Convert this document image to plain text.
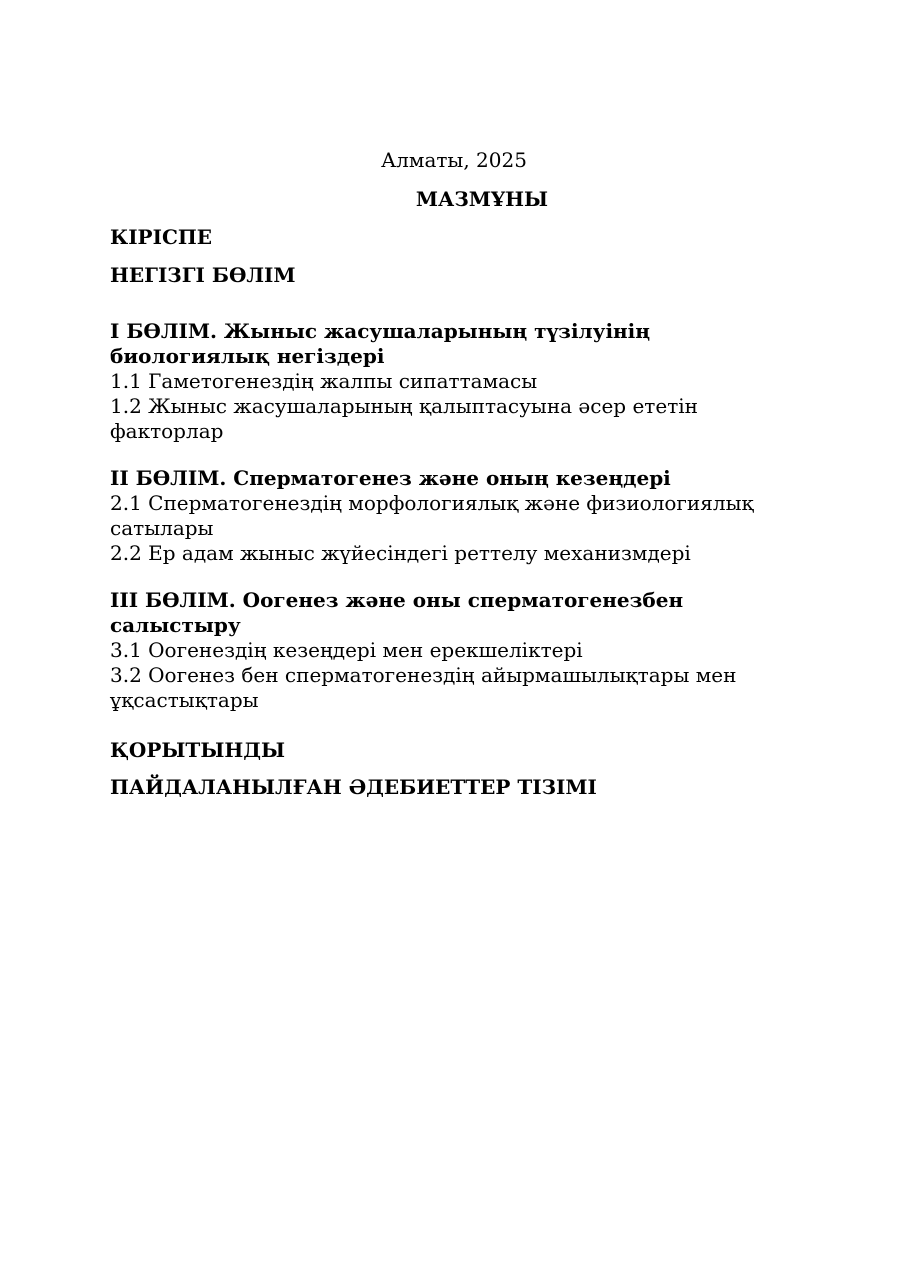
Алматы, 2025

МАЗМҰНЫ

КІРІСПЕ

НЕГІЗГІ БӨЛІМ

І БӨЛІМ. Жыныс жасушаларының түзілуінің биологиялық негіздері

1.1 Гаметогенездің жалпы сипаттамасы

1.2 Жыныс жасушаларының қалыптасуына әсер ететін факторлар

ІІ БӨЛІМ. Сперматогенез және оның кезеңдері

2.1 Сперматогенездің морфологиялық және физиологиялық сатылары

2.2 Ер адам жыныс жүйесіндегі реттелу механизмдері

ІІІ БӨЛІМ. Оогенез және оны сперматогенезбен салыстыру

3.1 Оогенездің кезеңдері мен ерекшеліктері

3.2 Оогенез бен сперматогенездің айырмашылықтары мен ұқсастықтары

ҚОРЫТЫНДЫ

ПАЙДАЛАНЫЛҒАН ӘДЕБИЕТТЕР ТІЗІМІ
